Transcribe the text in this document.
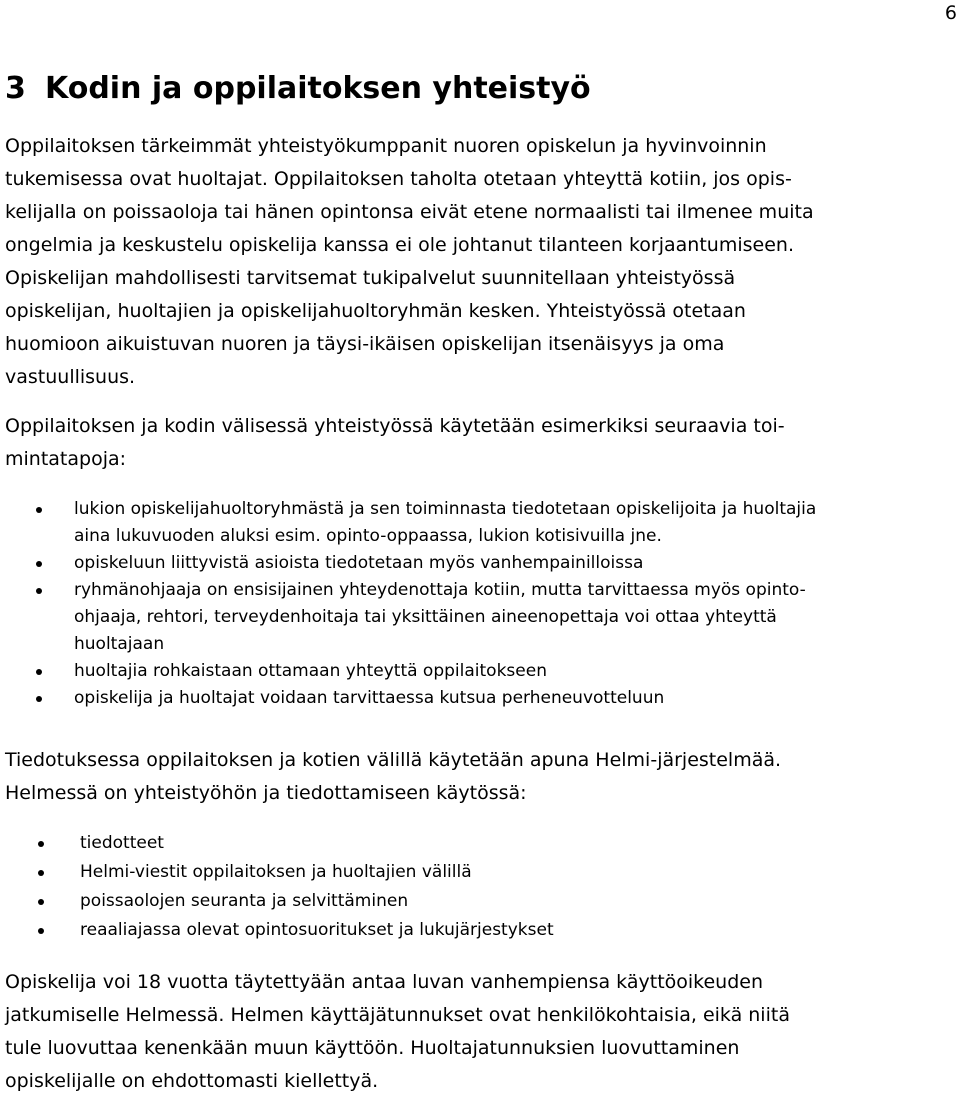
6
3 Kodin ja oppilaitoksen yhteistyö

Oppilaitoksen tärkeimmät yhteistyökumppanit nuoren opiskelun ja hyvinvoinnin
tukemisessa ovat huoltajat. Oppilaitoksen taholta otetaan yhteyttä kotiin, jos opis-
kelijalla on poissaoloja tai hänen opintonsa eivät etene normaalisti tai ilmenee muita
ongelmia ja keskustelu opiskelija kanssa ei ole johtanut tilanteen korjaantumiseen.
Opiskelijan mahdollisesti tarvitsemat tukipalvelut suunnitellaan yhteistyössä
opiskelijan, huoltajien ja opiskelijahuoltoryhmän kesken. Yhteistyössä otetaan
huomioon aikuistuvan nuoren ja täysi-ikäisen opiskelijan itsenäisyys ja oma
vastuullisuus.

Oppilaitoksen ja kodin välisessä yhteistyössä käytetään esimerkiksi seuraavia toi-
mintatapoja:

lukion opiskelijahuoltoryhmästä ja sen toiminnasta tiedotetaan opiskelijoita ja huoltajia
aina lukuvuoden aluksi esim. opinto-oppaassa, lukion kotisivuilla jne.
opiskeluun liittyvistä asioista tiedotetaan myös vanhempainilloissa
ryhmänohjaaja on ensisijainen yhteydenottaja kotiin, mutta tarvittaessa myös opinto-
ohjaaja, rehtori, terveydenhoitaja tai yksittäinen aineenopettaja voi ottaa yhteyttä
huoltajaan
huoltajia rohkaistaan ottamaan yhteyttä oppilaitokseen
opiskelija ja huoltajat voidaan tarvittaessa kutsua perheneuvotteluun

Tiedotuksessa oppilaitoksen ja kotien välillä käytetään apuna Helmi-järjestelmää.
Helmessä on yhteistyöhön ja tiedottamiseen käytössä:

tiedotteet
Helmi-viestit oppilaitoksen ja huoltajien välillä
poissaolojen seuranta ja selvittäminen
reaaliajassa olevat opintosuoritukset ja lukujärjestykset

Opiskelija voi 18 vuotta täytettyään antaa luvan vanhempiensa käyttöoikeuden
jatkumiselle Helmessä. Helmen käyttäjätunnukset ovat henkilökohtaisia, eikä niitä
tule luovuttaa kenenkään muun käyttöön. Huoltajatunnuksien luovuttaminen
opiskelijalle on ehdottomasti kiellettyä.
